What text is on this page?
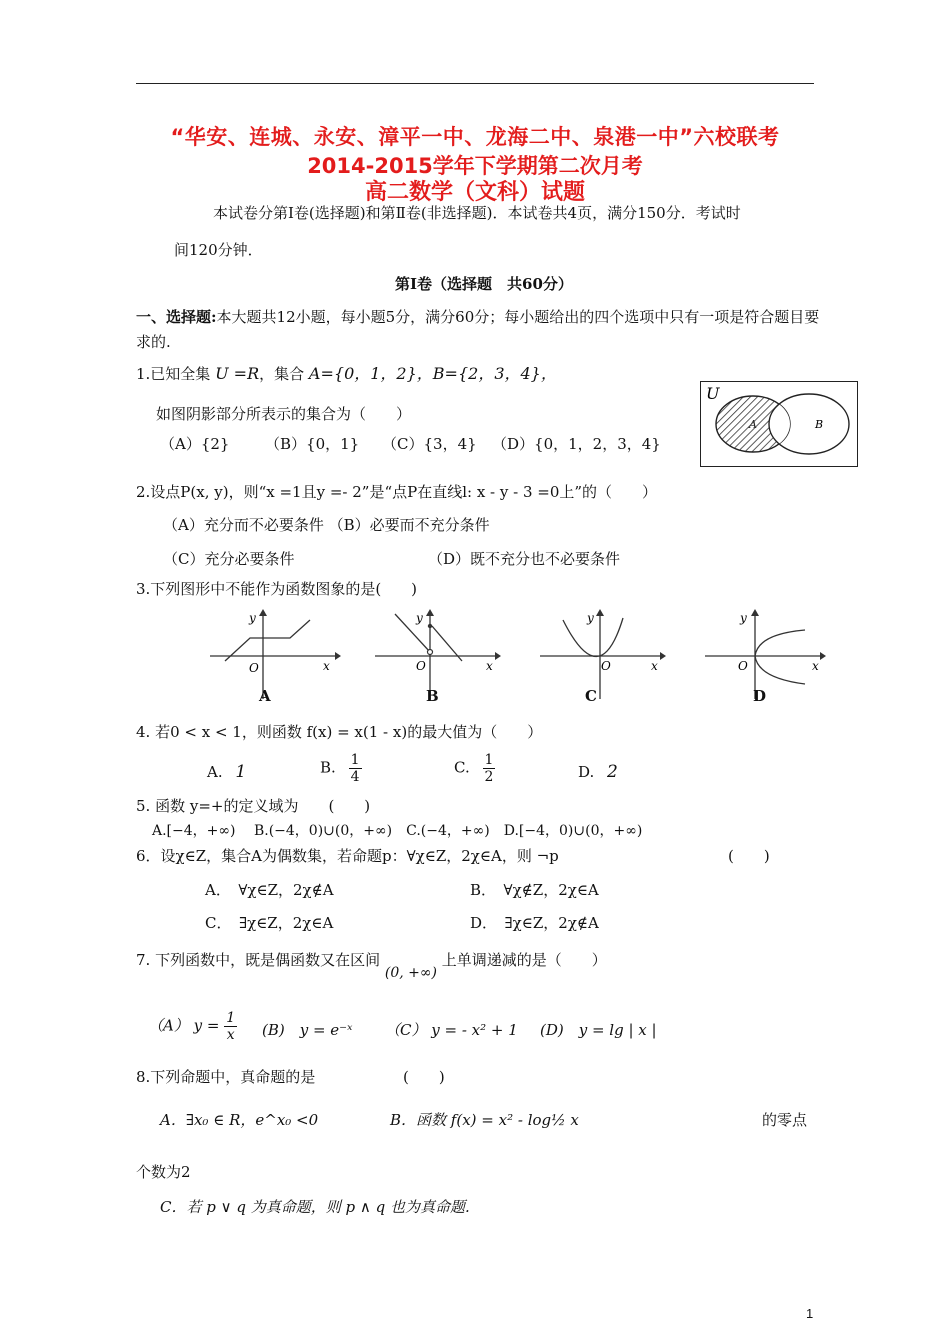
“华安、连城、永安、漳平一中、龙海二中、泉港一中”六校联考
2014-2015学年下学期第二次月考
高二数学（文科）试题
本试卷分第Ⅰ卷(选择题)和第Ⅱ卷(非选择题)．本试卷共4页，满分150分．考试时
间120分钟．
第Ⅰ卷（选择题　共60分）
一、选择题:本大题共12小题，每小题5分，满分60分；每小题给出的四个选项中只有一项是符合题目要
求的.
1.已知全集 U =R，集合 A={0，1，2}，B={2，3，4}，
如图阴影部分所表示的集合为（　　）
（A）{2} （B）{0，1} （C）{3，4} （D）{0，1，2，3，4}
U
A	B
2.设点P(x, y)，则“x =1且y =- 2”是“点P在直线l: x - y - 3 =0上”的（　　）
（A）充分而不必要条件 （B）必要而不充分条件
（C）充分必要条件	（D）既不充分也不必要条件
3.下列图形中不能作为函数图象的是(　　)
y
x
O
A
y
x
O
B
y
x
O
C
y
x
O
D
4. 若0 < x < 1，则函数 f(x) = x(1 - x)的最大值为（　　）
A. 1	B. $\frac{1}{4}$	C. $\frac{1}{2}$	D. 2
5. 函数 y=+的定义域为　　(　　)
A.[−4，+∞)　 B.(−4，0)∪(0，+∞)　C.(−4，+∞)　D.[−4，0)∪(0，+∞)
6．设χ∈Z，集合A为偶数集，若命题p：∀χ∈Z，2χ∈A，则 ¬p	(　　)
A．　∀χ∈Z，2χ∉A	B．　∀χ∉Z，2χ∈A
C．　∃χ∈Z，2χ∈A	D．　∃χ∈Z，2χ∉A
7. 下列函数中，既是偶函数又在区间 (0, +∞) 上单调递减的是（　　）
（A） $y = \frac{1}{x} (B)$　y = e⁻ˣ （C） y = - x² + 1 (D)　y = lg | x |
8.下列命题中，真命题的是	(　　)
A．∃x₀ ∈ R，e^x₀ <0	B．函数 f(x) = x² - log½ x	的零点
个数为2
C．若 p ∨ q 为真命题，则 p ∧ q 也为真命题.
1
